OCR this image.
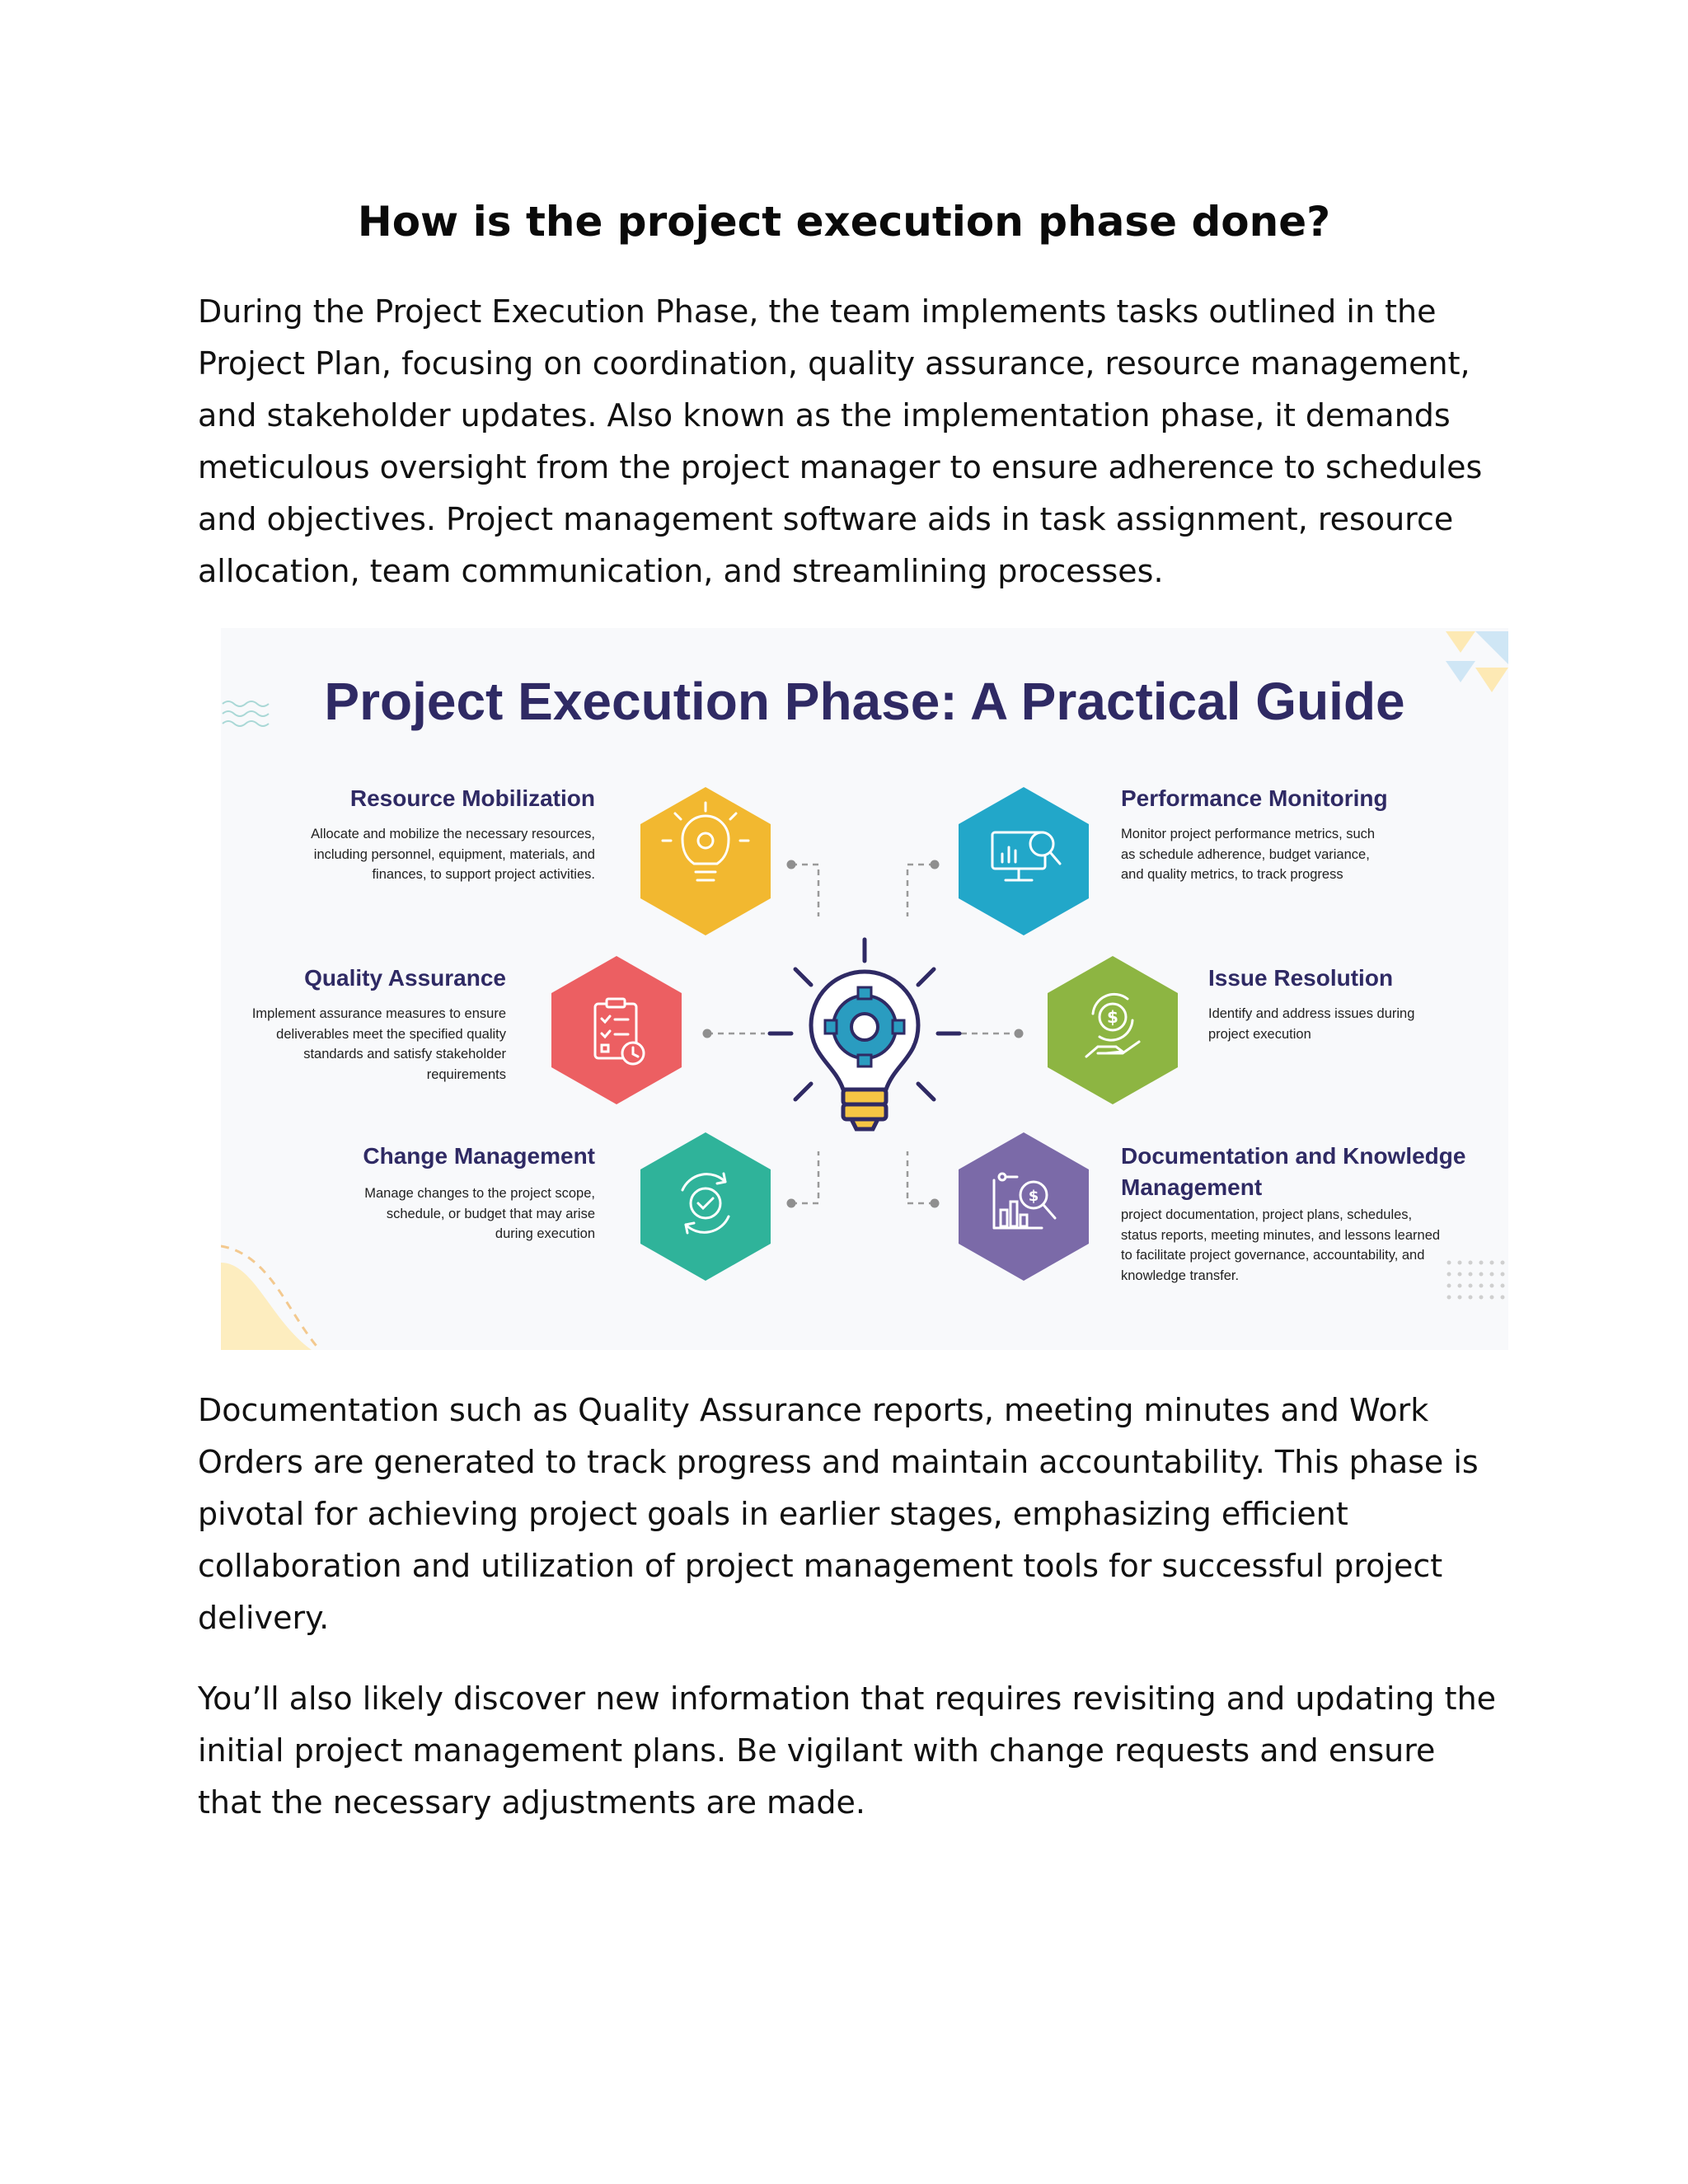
How is the project execution phase done?

During the Project Execution Phase, the team implements tasks outlined in the Project Plan, focusing on coordination, quality assurance, resource management, and stakeholder updates. Also known as the implementation phase, it demands meticulous oversight from the project manager to ensure adherence to schedules and objectives. Project management software aids in task assignment, resource allocation, team communication, and streamlining processes.

$
$
Project Execution Phase: A Practical Guide
Resource Mobilization
Allocate and mobilize the necessary resources, including personnel, equipment, materials, and finances, to support project activities.
Performance Monitoring
Monitor project performance metrics, such as schedule adherence, budget variance, and quality metrics, to track progress
Quality Assurance
Implement assurance measures to ensure deliverables meet the specified quality standards and satisfy stakeholder requirements
Issue Resolution
Identify and address issues during project execution
Change Management
Manage changes to the project scope, schedule, or budget that may arise during execution
Documentation and Knowledge Management
project documentation, project plans, schedules, status reports, meeting minutes, and lessons learned to facilitate project governance, accountability, and knowledge transfer.

Documentation such as Quality Assurance reports, meeting minutes and Work Orders are generated to track progress and maintain accountability. This phase is pivotal for achieving project goals in earlier stages, emphasizing efficient collaboration and utilization of project management tools for successful project delivery.

You’ll also likely discover new information that requires revisiting and updating the initial project management plans. Be vigilant with change requests and ensure that the necessary adjustments are made.
